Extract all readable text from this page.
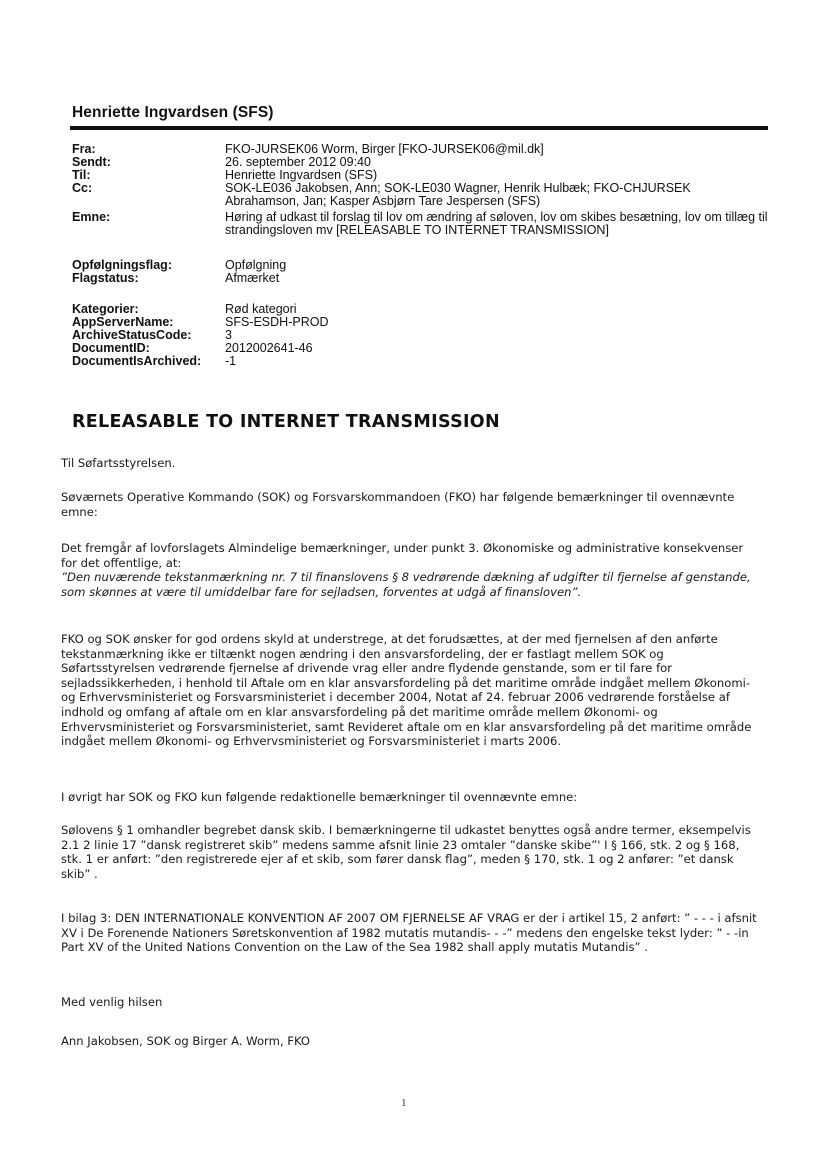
Henriette Ingvardsen (SFS)
Fra:	FKO-JURSEK06 Worm, Birger [FKO-JURSEK06@mil.dk]
Sendt:	26. september 2012 09:40
Til:	Henriette Ingvardsen (SFS)
Cc:	SOK-LE036 Jakobsen, Ann; SOK-LE030 Wagner, Henrik Hulbæk; FKO-CHJURSEK Abrahamson, Jan; Kasper Asbjørn Tare Jespersen (SFS)
Emne:	Høring af udkast til forslag til lov om ændring af søloven, lov om skibes besætning, lov om tillæg til strandingsloven mv [RELEASABLE TO INTERNET TRANSMISSION]
Opfølgningsflag:	Opfølgning
Flagstatus:	Afmærket
Kategorier:	Rød kategori
AppServerName:	SFS-ESDH-PROD
ArchiveStatusCode:	3
DocumentID:	2012002641-46
DocumentIsArchived:	-1
RELEASABLE TO INTERNET TRANSMISSION
Til Søfartsstyrelsen.
Søværnets Operative Kommando (SOK) og Forsvarskommandoen (FKO) har følgende bemærkninger til ovennævnte emne:
Det fremgår af lovforslagets Almindelige bemærkninger, under punkt 3. Økonomiske og administrative konsekvenser for det offentlige, at:
”Den nuværende tekstanmærkning nr. 7 til finanslovens § 8 vedrørende dækning af udgifter til fjernelse af genstande, som skønnes at være til umiddelbar fare for sejladsen, forventes at udgå af finansloven”.
FKO og SOK ønsker for god ordens skyld at understrege, at det forudsættes, at der med fjernelsen af den anførte tekstanmærkning ikke er tiltænkt nogen ændring i den ansvarsfordeling, der er fastlagt mellem SOK og Søfartsstyrelsen vedrørende fjernelse af drivende vrag eller andre flydende genstande, som er til fare for sejladssikkerheden, i henhold til Aftale om en klar ansvarsfordeling på det maritime område indgået mellem Økonomi- og Erhvervsministeriet og Forsvarsministeriet i december 2004, Notat af 24. februar 2006 vedrørende forståelse af indhold og omfang af aftale om en klar ansvarsfordeling på det maritime område mellem Økonomi- og Erhvervsministeriet og Forsvarsministeriet, samt Revideret aftale om en klar ansvarsfordeling på det maritime område indgået mellem Økonomi- og Erhvervsministeriet og Forsvarsministeriet i marts 2006.
I øvrigt har SOK og FKO kun følgende redaktionelle bemærkninger til ovennævnte emne:
Sølovens § 1 omhandler begrebet dansk skib. I bemærkningerne til udkastet benyttes også andre termer, eksempelvis 2.1 2 linie 17 ”dansk registreret skib” medens samme afsnit linie 23 omtaler ”danske skibe”' I § 166, stk. 2 og § 168, stk. 1 er anført: ”den registrerede ejer af et skib, som fører dansk flag”, meden § 170, stk. 1 og 2 anfører: ”et dansk skib” .
I bilag 3: DEN INTERNATIONALE KONVENTION AF 2007 OM FJERNELSE AF VRAG er der i artikel 15, 2 anført: ” - - - i afsnit XV i De Forenende Nationers Søretskonvention af 1982 mutatis mutandis- - -” medens den engelske tekst lyder: ” - -in Part XV of the United Nations Convention on the Law of the Sea 1982 shall apply mutatis Mutandis” .
Med venlig hilsen
Ann Jakobsen, SOK og Birger A. Worm, FKO
1
